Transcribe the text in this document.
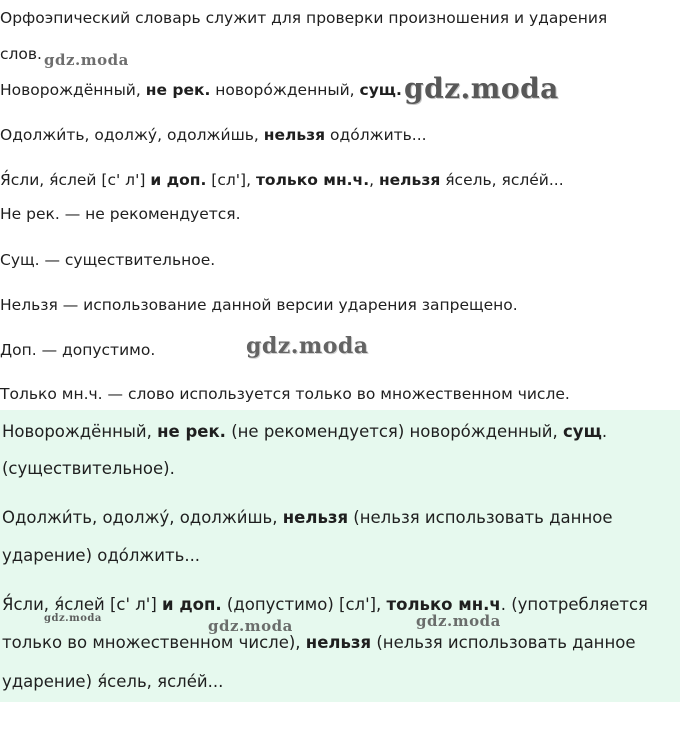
Орфоэпический словарь служит для проверки произношения и ударения
слов.
Новорождённый, не рек. новоро́жденный, сущ.
Одолжи́ть, одолжу́, одолжи́шь, нельзя одо́лжить...
Я́сли, я́слей [с' л'] и доп. [сл'], только мн.ч., нельзя я́сель, ясле́й...
Не рек. — не рекомендуется.
Сущ. — существительное.
Нельзя — использование данной версии ударения запрещено.
Доп. — допустимо.
Только мн.ч. — слово используется только во множественном числе.
Новорождённый, не рек. (не рекомендуется) новоро́жденный, сущ.
(существительное).
Одолжи́ть, одолжу́, одолжи́шь, нельзя (нельзя использовать данное
ударение) одо́лжить...
Я́сли, я́слей [с' л'] и доп. (допустимо) [сл'], только мн.ч. (употребляется
только во множественном числе), нельзя (нельзя использовать данное
ударение) я́сель, ясле́й...
gdz.moda
gdz.moda
gdz.moda
gdz.moda	gdz.moda	gdz.moda
